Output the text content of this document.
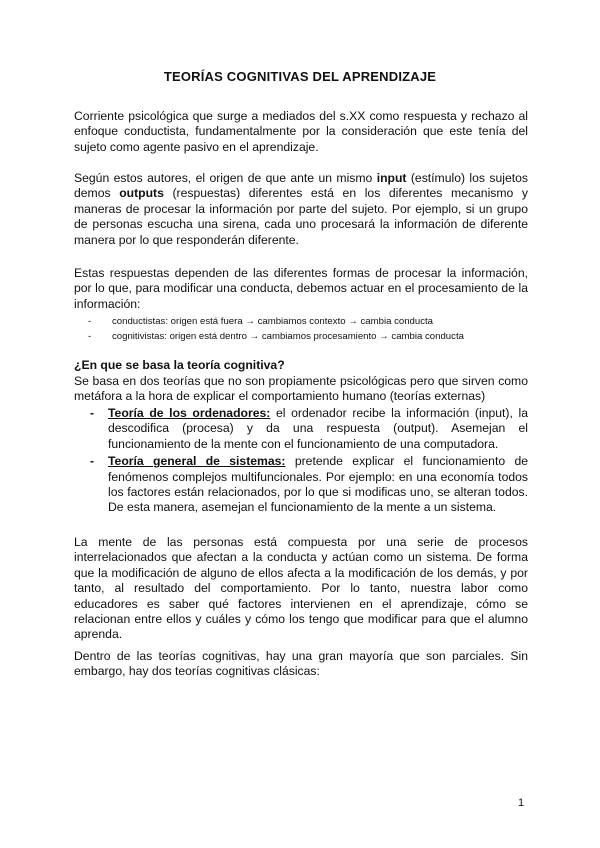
TEORÍAS COGNITIVAS DEL APRENDIZAJE

Corriente psicológica que surge a mediados del s.XX como respuesta y rechazo al enfoque conductista, fundamentalmente por la consideración que este tenía del sujeto como agente pasivo en el aprendizaje.

Según estos autores, el origen de que ante un mismo input (estímulo) los sujetos demos outputs (respuestas) diferentes está en los diferentes mecanismo y maneras de procesar la información por parte del sujeto. Por ejemplo, si un grupo de personas escucha una sirena, cada uno procesará la información de diferente manera por lo que responderán diferente.

Estas respuestas dependen de las diferentes formas de procesar la información, por lo que, para modificar una conducta, debemos actuar en el procesamiento de la información:

- conductistas: origen está fuera → cambiamos contexto → cambia conducta
- cognitivistas: origen está dentro → cambiamos procesamiento → cambia conducta
¿En que se basa la teoría cognitiva?

Se basa en dos teorías que no son propiamente psicológicas pero que sirven como metáfora a la hora de explicar el comportamiento humano (teorías externas)

- Teoría de los ordenadores: el ordenador recibe la información (input), la descodifica (procesa) y da una respuesta (output). Asemejan el funcionamiento de la mente con el funcionamiento de una computadora.
- Teoría general de sistemas: pretende explicar el funcionamiento de fenómenos complejos multifuncionales. Por ejemplo: en una economía todos los factores están relacionados, por lo que si modificas uno, se alteran todos. De esta manera, asemejan el funcionamiento de la mente a un sistema.

La mente de las personas está compuesta por una serie de procesos interrelacionados que afectan a la conducta y actúan como un sistema. De forma que la modificación de alguno de ellos afecta a la modificación de los demás, y por tanto, al resultado del comportamiento. Por lo tanto, nuestra labor como educadores es saber qué factores intervienen en el aprendizaje, cómo se relacionan entre ellos y cuáles y cómo los tengo que modificar para que el alumno aprenda.

Dentro de las teorías cognitivas, hay una gran mayoría que son parciales. Sin embargo, hay dos teorías cognitivas clásicas:

1
